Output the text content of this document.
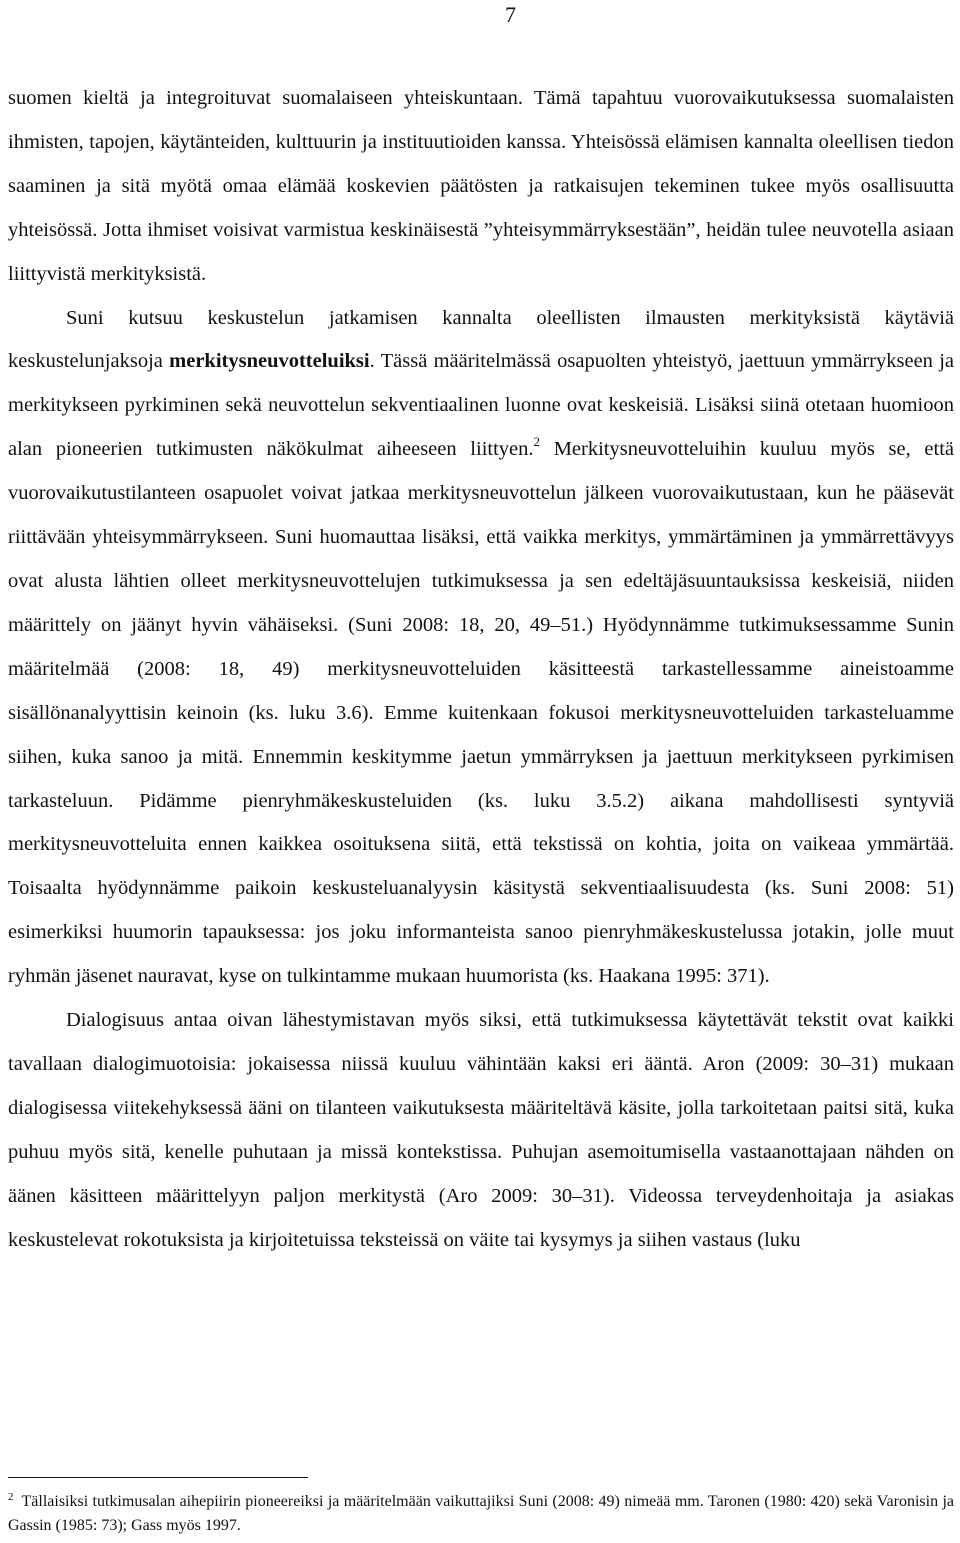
7

suomen kieltä ja integroituvat suomalaiseen yhteiskuntaan. Tämä tapahtuu vuorovaikutuksessa suomalaisten ihmisten, tapojen, käytänteiden, kulttuurin ja instituutioiden kanssa. Yhteisössä elämisen kannalta oleellisen tiedon saaminen ja sitä myötä omaa elämää koskevien päätösten ja ratkaisujen tekeminen tukee myös osallisuutta yhteisössä. Jotta ihmiset voisivat varmistua keskinäisestä ”yhteisymmärryksestään”, heidän tulee neuvotella asiaan liittyvistä merkityksistä.

Suni kutsuu keskustelun jatkamisen kannalta oleellisten ilmausten merkityksistä käytäviä keskustelunjaksoja merkitysneuvotteluiksi. Tässä määritelmässä osapuolten yhteistyö, jaettuun ymmärrykseen ja merkitykseen pyrkiminen sekä neuvottelun sekventiaalinen luonne ovat keskeisiä. Lisäksi siinä otetaan huomioon alan pioneerien tutkimusten näkökulmat aiheeseen liittyen.$^2$ Merkitysneuvotteluihin kuuluu myös se, että vuorovaikutustilanteen osapuolet voivat jatkaa merkitysneuvottelun jälkeen vuorovaikutustaan, kun he pääsevät riittävään yhteisymmärrykseen. Suni huomauttaa lisäksi, että vaikka merkitys, ymmärtäminen ja ymmärrettävyys ovat alusta lähtien olleet merkitysneuvottelujen tutkimuksessa ja sen edeltäjäsuuntauksissa keskeisiä, niiden määrittely on jäänyt hyvin vähäiseksi. (Suni 2008: 18, 20, 49–51.) Hyödynnämme tutkimuksessamme Sunin määritelmää (2008: 18, 49) merkitysneuvotteluiden käsitteestä tarkastellessamme aineistoamme sisällönanalyyttisin keinoin (ks. luku 3.6). Emme kuitenkaan fokusoi merkitysneuvotteluiden tarkasteluamme siihen, kuka sanoo ja mitä. Ennemmin keskitymme jaetun ymmärryksen ja jaettuun merkitykseen pyrkimisen tarkasteluun. Pidämme pienryhmäkeskusteluiden (ks. luku 3.5.2) aikana mahdollisesti syntyviä merkitysneuvotteluita ennen kaikkea osoituksena siitä, että tekstissä on kohtia, joita on vaikeaa ymmärtää. Toisaalta hyödynnämme paikoin keskusteluanalyysin käsitystä sekventiaalisuudesta (ks. Suni 2008: 51) esimerkiksi huumorin tapauksessa: jos joku informanteista sanoo pienryhmäkeskustelussa jotakin, jolle muut ryhmän jäsenet nauravat, kyse on tulkintamme mukaan huumorista (ks. Haakana 1995: 371).

Dialogisuus antaa oivan lähestymistavan myös siksi, että tutkimuksessa käytettävät tekstit ovat kaikki tavallaan dialogimuotoisia: jokaisessa niissä kuuluu vähintään kaksi eri ääntä. Aron (2009: 30–31) mukaan dialogisessa viitekehyksessä ääni on tilanteen vaikutuksesta määriteltävä käsite, jolla tarkoitetaan paitsi sitä, kuka puhuu myös sitä, kenelle puhutaan ja missä kontekstissa. Puhujan asemoitumisella vastaanottajaan nähden on äänen käsitteen määrittelyyn paljon merkitystä (Aro 2009: 30–31). Videossa terveydenhoitaja ja asiakas keskustelevat rokotuksista ja kirjoitetuissa teksteissä on väite tai kysymys ja siihen vastaus (luku

$^2$ Tällaisiksi tutkimusalan aihepiirin pioneereiksi ja määritelmään vaikuttajiksi Suni (2008: 49) nimeää mm. Taronen (1980: 420) sekä Varonisin ja Gassin (1985: 73); Gass myös 1997.
